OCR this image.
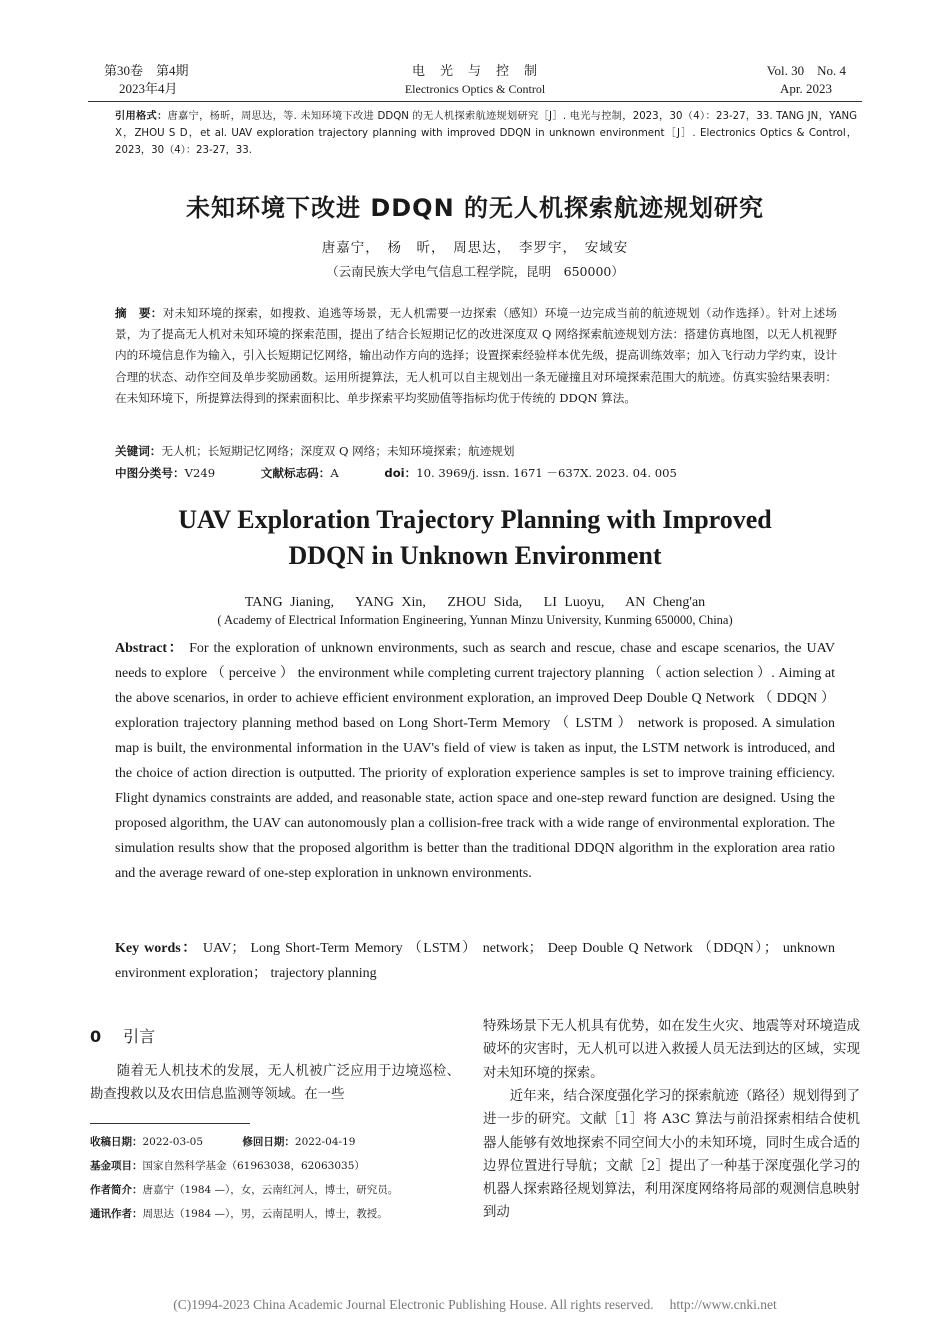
第30卷　第4期
2023年4月
电　光　与　控　制
Electronics Optics & Control
Vol. 30　No. 4
Apr. 2023
引用格式：唐嘉宁，杨昕，周思达，等. 未知环境下改进 DDQN 的无人机探索航迹规划研究［J］. 电光与控制，2023，30（4）：23-27，33. TANG JN，YANG X，ZHOU S D，et al. UAV exploration trajectory planning with improved DDQN in unknown environment［J］. Electronics Optics & Control，2023，30（4）：23-27，33.
未知环境下改进 DDQN 的无人机探索航迹规划研究
唐嘉宁，　杨　昕，　周思达，　李罗宇，　安域安
（云南民族大学电气信息工程学院，昆明　650000）
摘　要：对未知环境的探索，如搜救、追逃等场景，无人机需要一边探索（感知）环境一边完成当前的航迹规划（动作选择）。针对上述场景，为了提高无人机对未知环境的探索范围，提出了结合长短期记忆的改进深度双 Q 网络探索航迹规划方法：搭建仿真地图，以无人机视野内的环境信息作为输入，引入长短期记忆网络，输出动作方向的选择；设置探索经验样本优先级，提高训练效率；加入飞行动力学约束，设计合理的状态、动作空间及单步奖励函数。运用所提算法，无人机可以自主规划出一条无碰撞且对环境探索范围大的航迹。仿真实验结果表明：在未知环境下，所提算法得到的探索面积比、单步探索平均奖励值等指标均优于传统的 DDQN 算法。
关键词：无人机；长短期记忆网络；深度双 Q 网络；未知环境探索；航迹规划
中图分类号：V249	文献标志码：A	doi：10. 3969/j. issn. 1671 －637X. 2023. 04. 005
UAV Exploration Trajectory Planning with Improved DDQN in Unknown Environment
TANG Jianing,　 YANG Xin,　 ZHOU Sida,　 LI Luoyu,　 AN Cheng'an
( Academy of Electrical Information Engineering, Yunnan Minzu University, Kunming 650000, China)
Abstract： For the exploration of unknown environments, such as search and rescue, chase and escape scenarios, the UAV needs to explore （ perceive ） the environment while completing current trajectory planning （ action selection ）. Aiming at the above scenarios, in order to achieve efficient environment exploration, an improved Deep Double Q Network （ DDQN ） exploration trajectory planning method based on Long Short-Term Memory （ LSTM ） network is proposed. A simulation map is built, the environmental information in the UAV's field of view is taken as input, the LSTM network is introduced, and the choice of action direction is outputted. The priority of exploration experience samples is set to improve training efficiency. Flight dynamics constraints are added, and reasonable state, action space and one-step reward function are designed. Using the proposed algorithm, the UAV can autonomously plan a collision-free track with a wide range of environmental exploration. The simulation results show that the proposed algorithm is better than the traditional DDQN algorithm in the exploration area ratio and the average reward of one-step exploration in unknown environments.
Key words： UAV； Long Short-Term Memory （LSTM） network； Deep Double Q Network （DDQN）； unknown environment exploration； trajectory planning
0 引言
随着无人机技术的发展，无人机被广泛应用于边境巡检、勘查搜救以及农田信息监测等领域。在一些
收稿日期：2022-03-05	修回日期：2022-04-19
基金项目：国家自然科学基金（61963038，62063035）
作者简介：唐嘉宁（1984 —），女，云南红河人，博士，研究员。
通讯作者：周思达（1984 —），男，云南昆明人，博士，教授。
特殊场景下无人机具有优势，如在发生火灾、地震等对环境造成破坏的灾害时，无人机可以进入救援人员无法到达的区域，实现对未知环境的探索。
近年来，结合深度强化学习的探索航迹（路径）规划得到了进一步的研究。文献［1］将 A3C 算法与前沿探索相结合使机器人能够有效地探索不同空间大小的未知环境，同时生成合适的边界位置进行导航；文献［2］提出了一种基于深度强化学习的机器人探索路径规划算法，利用深度网络将局部的观测信息映射到动
(C)1994-2023 China Academic Journal Electronic Publishing House. All rights reserved. http://www.cnki.net
